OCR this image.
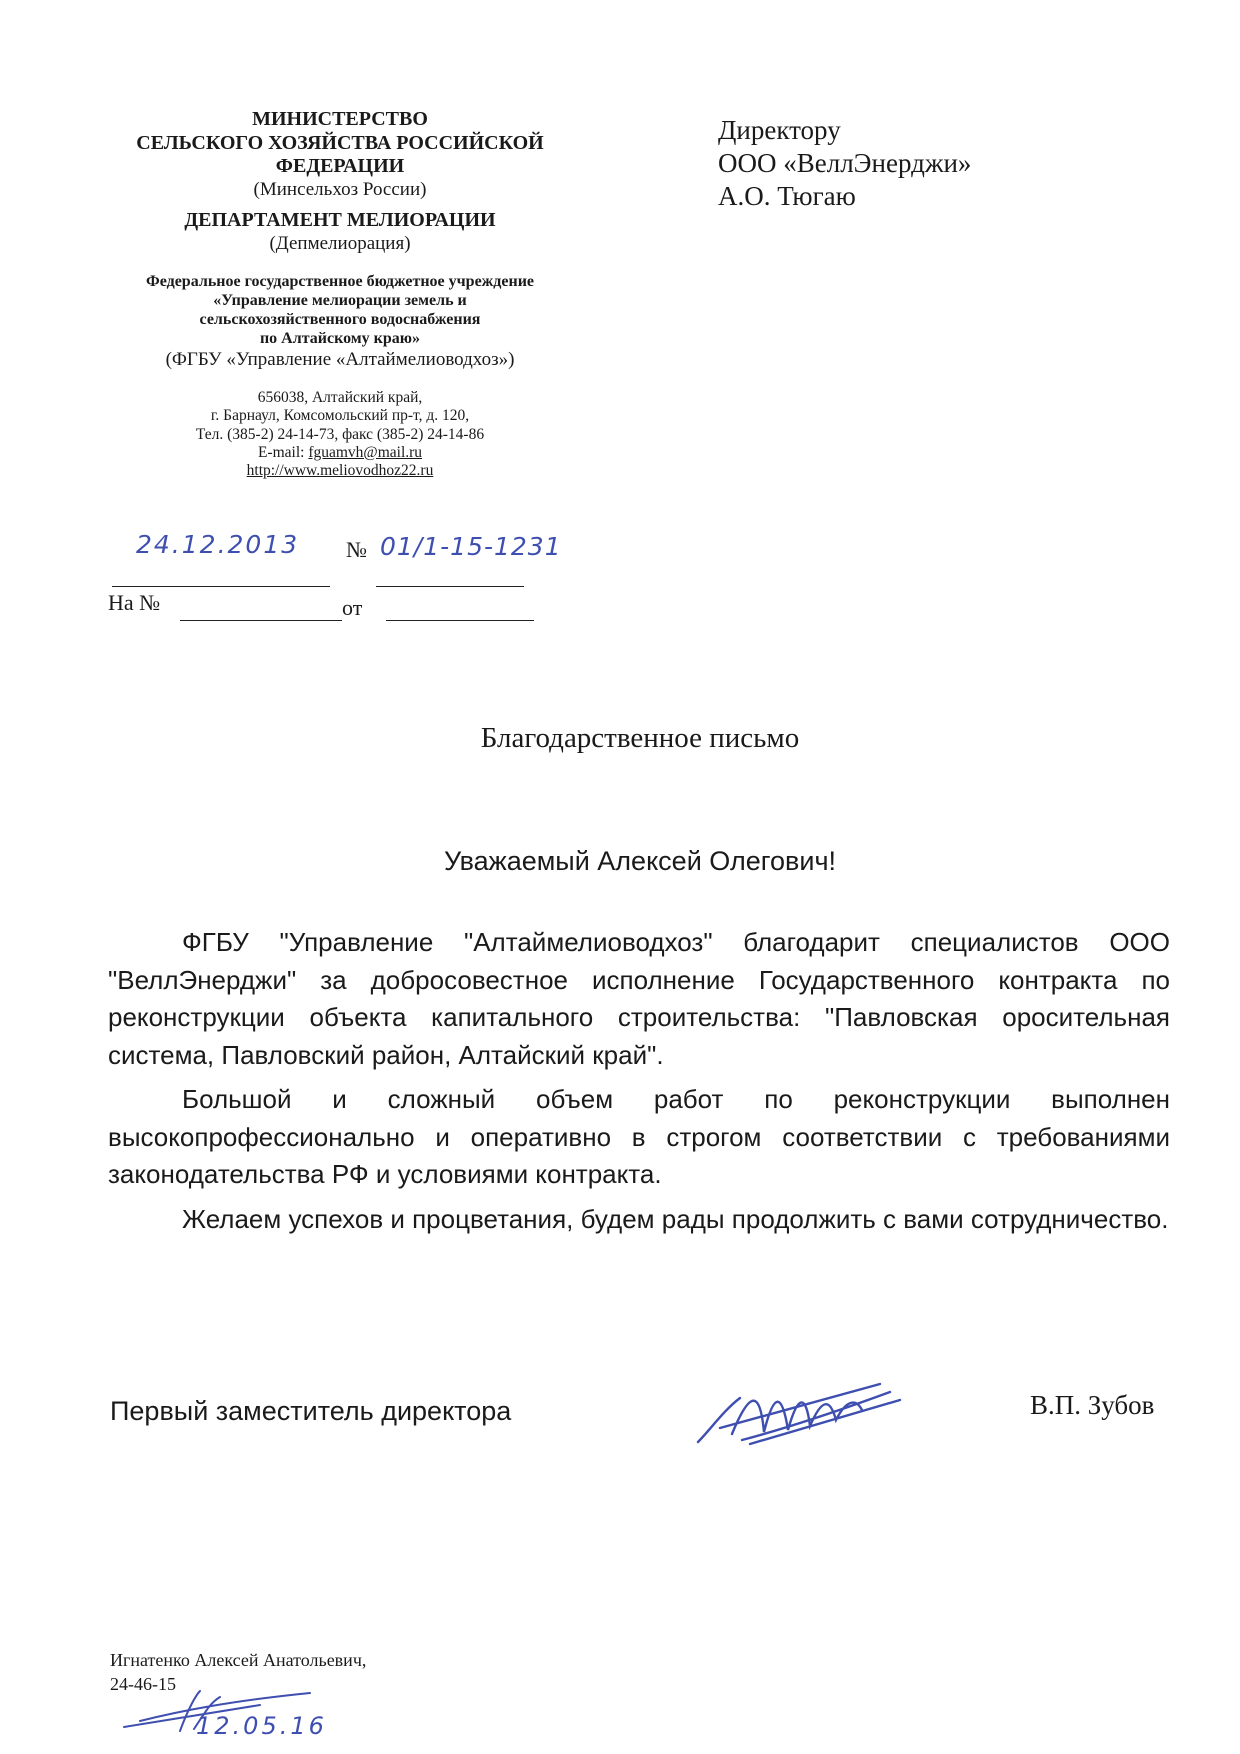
МИНИСТЕРСТВО
СЕЛЬСКОГО ХОЗЯЙСТВА РОССИЙСКОЙ
ФЕДЕРАЦИИ
(Минсельхоз России)
ДЕПАРТАМЕНТ МЕЛИОРАЦИИ
(Депмелиорация)
Федеральное государственное бюджетное учреждение
«Управление мелиорации земель и
сельскохозяйственного водоснабжения
по Алтайскому краю»
(ФГБУ «Управление «Алтаймелиоводхоз»)
656038, Алтайский край,
г. Барнаул, Комсомольский пр-т, д. 120,
Тел. (385-2) 24-14-73, факс (385-2) 24-14-86
E-mail: fguamvh@mail.ru
http://www.meliovodhoz22.ru
24.12.2013 № 01/1-15-1231
На №	от
Директору
ООО «ВеллЭнерджи»
А.О. Тюгаю
Благодарственное письмо
Уважаемый Алексей Олегович!

ФГБУ "Управление "Алтаймелиоводхоз" благодарит специалистов ООО "ВеллЭнерджи" за добросовестное исполнение Государственного контракта по реконструкции объекта капитального строительства: "Павловская оросительная система, Павловский район, Алтайский край".

Большой и сложный объем работ по реконструкции выполнен высокопрофессионально и оперативно в строгом соответствии с требованиями законодательства РФ и условиями контракта.

Желаем успехов и процветания, будем рады продолжить с вами сотрудничество.

Первый заместитель директора	В.П. Зубов
Игнатенко Алексей Анатольевич,
24-46-15
12.05.16
